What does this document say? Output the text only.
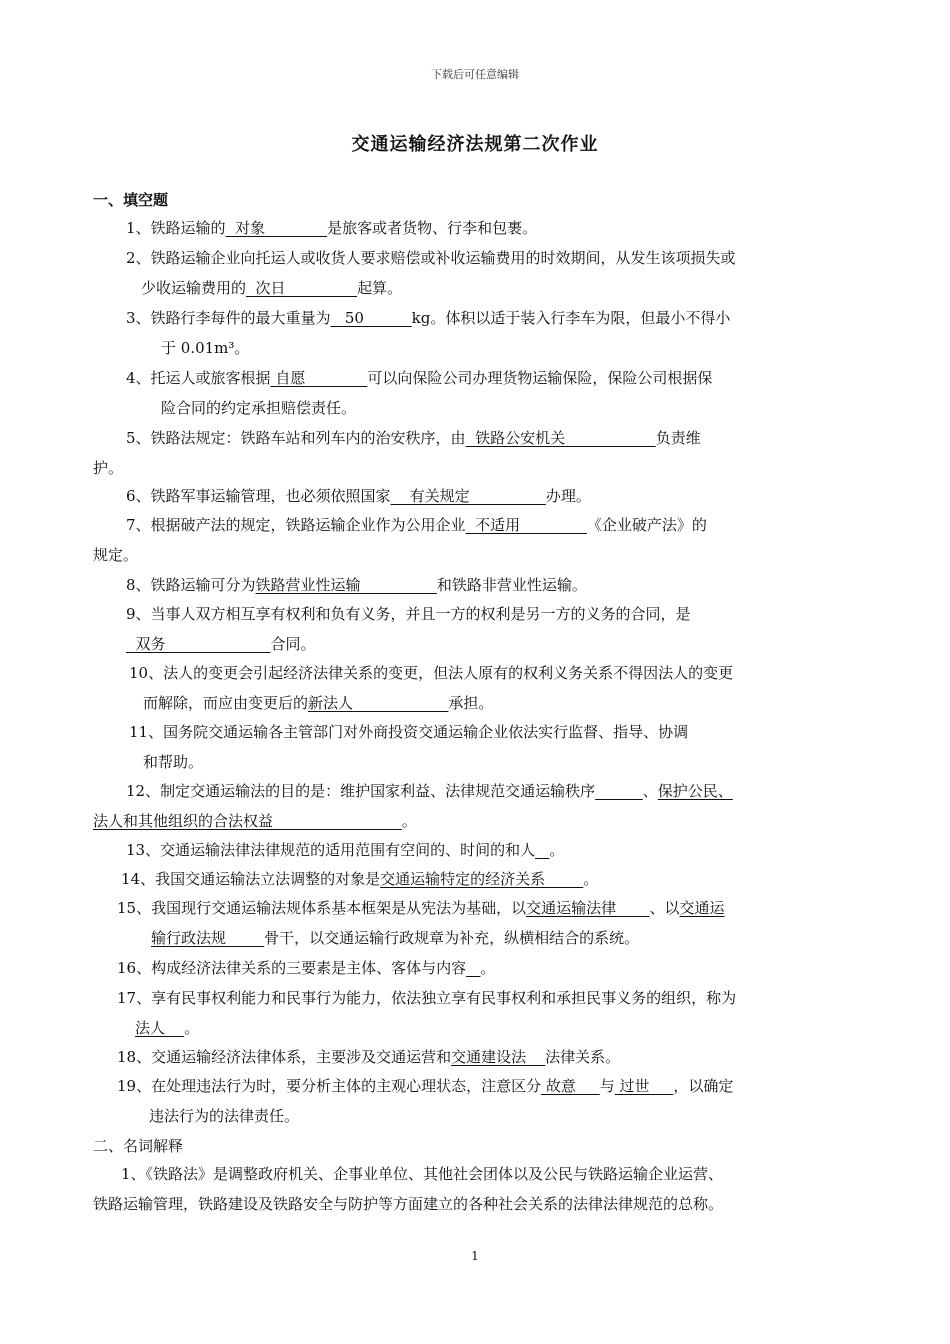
下载后可任意编辑
交通运输经济法规第二次作业
一、填空题
1、铁路运输的  对象             是旅客或者货物、行李和包裹。
2、铁路运输企业向托运人或收货人要求赔偿或补收运输费用的时效期间，从发生该项损失或
少收运输费用的  次日               起算。
3、铁路行李每件的最大重量为   50          kg。体积以适于装入行李车为限，但最小不得小
于 0.01m³。
4、托运人或旅客根据 自愿             可以向保险公司办理货物运输保险，保险公司根据保
险合同的约定承担赔偿责任。
5、铁路法规定：铁路车站和列车内的治安秩序，由  铁路公安机关                   负责维
护。
6、铁路军事运输管理，也必须依照国家    有关规定                办理。
7、根据破产法的规定，铁路运输企业作为公用企业  不适用              《企业破产法》的
规定。
8、铁路运输可分为铁路营业性运输                和铁路非营业性运输。
9、当事人双方相互享有权利和负有义务，并且一方的权利是另一方的义务的合同，是
双务                      合同。
10、法人的变更会引起经济法律关系的变更，但法人原有的权利义务关系不得因法人的变更
而解除，而应由变更后的新法人                    承担。
11、国务院交通运输各主管部门对外商投资交通运输企业依法实行监督、指导、协调
和帮助。
12、制定交通运输法的目的是：维护国家利益、法律规范交通运输秩序	、保护公民、
法人和其他组织的合法权益                           。
13、交通运输法律法律规范的适用范围有空间的、时间的和人 。
14、我国交通运输法立法调整的对象是交通运输特定的经济关系        。
15、我国现行交通运输法规体系基本框架是从宪法为基础，以交通运输法律       、以交通运
输行政法规        骨干，以交通运输行政规章为补充，纵横相结合的系统。
16、构成经济法律关系的三要素是主体、客体与内容 。
17、享有民事权利能力和民事行为能力，依法独立享有民事权利和承担民事义务的组织，称为
法人    。
18、交通运输经济法律体系，主要涉及交通运营和交通建设法    法律关系。
19、在处理违法行为时，要分析主体的主观心理状态，注意区分 故意     与 过世     ，以确定
违法行为的法律责任。
二、名词解释
1、《铁路法》是调整政府机关、企事业单位、其他社会团体以及公民与铁路运输企业运营、
铁路运输管理，铁路建设及铁路安全与防护等方面建立的各种社会关系的法律法律规范的总称。
1
